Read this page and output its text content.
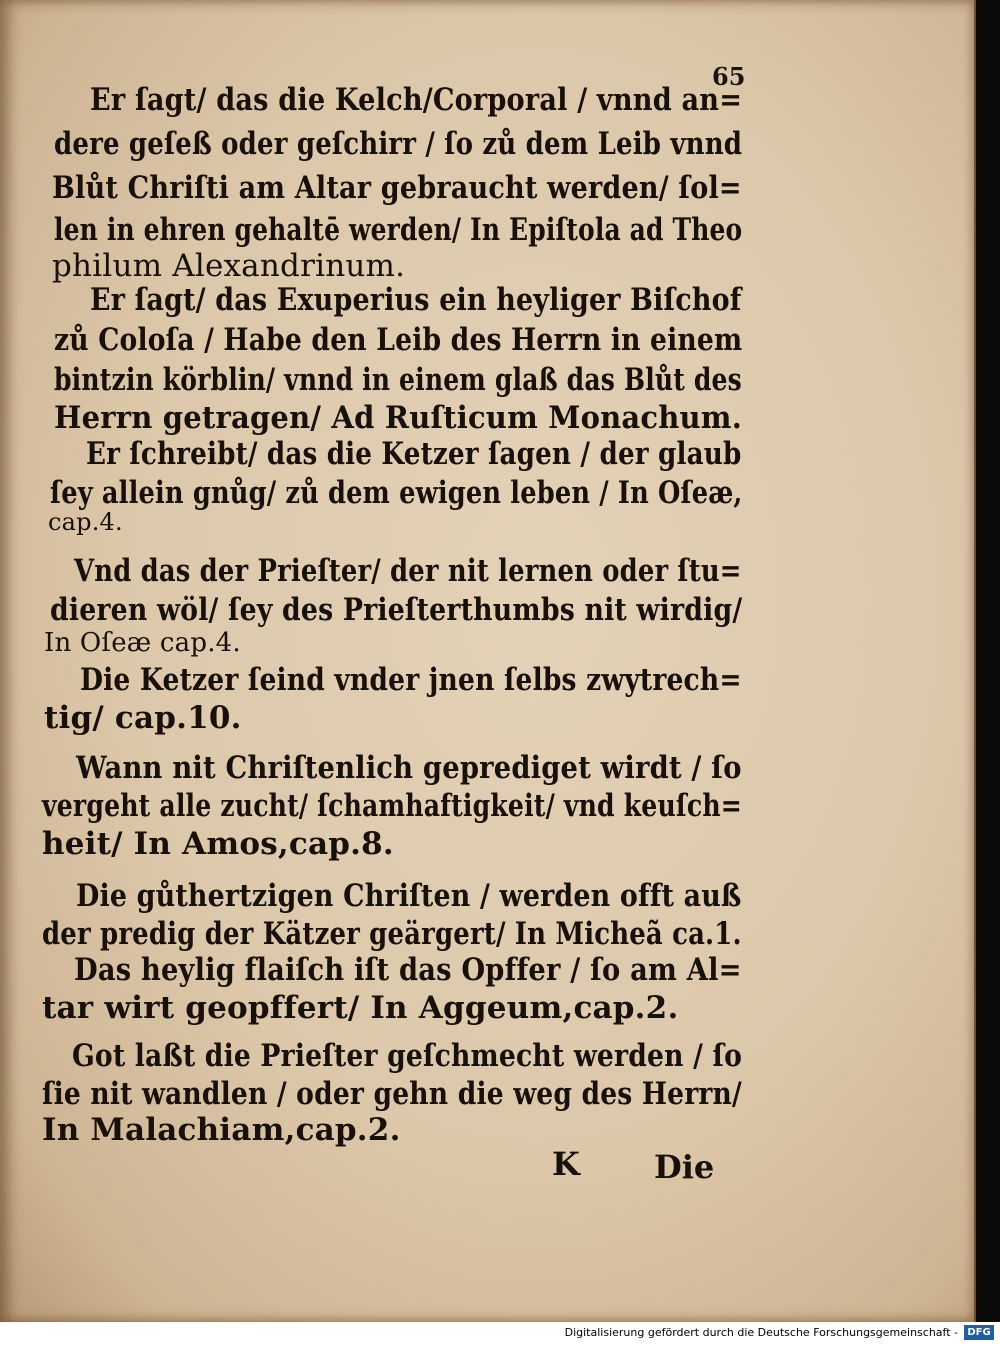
65
Er ſagt/ das die Kelch/Corporal / vnnd an=
dere geſeß oder geſchirr / ſo zů dem Leib vnnd
Blůt Chriſti am Altar gebraucht werden/ ſol=
len in ehren gehaltē werden/ In Epiſtola ad Theo
philum Alexandrinum.
Er ſagt/ das Exuperius ein heyliger Biſchof
zů Coloſa / Habe den Leib des Herrn in einem
bintzin körblin/ vnnd in einem glaß das Blůt des
Herrn getragen/ Ad Ruſticum Monachum.
Er ſchreibt/ das die Ketzer ſagen / der glaub
ſey allein gnůg/ zů dem ewigen leben / In Oſeæ,
cap.4.
Vnd das der Prieſter/ der nit lernen oder ſtu=
dieren wöl/ ſey des Prieſterthumbs nit wirdig/
In Oſeæ cap.4.
Die Ketzer ſeind vnder jnen ſelbs zwytrech=
tig/ cap.10.
Wann nit Chriſtenlich geprediget wirdt / ſo
vergeht alle zucht/ ſchamhaftigkeit/ vnd keuſch=
heit/ In Amos,cap.8.
Die gůthertzigen Chriſten / werden offt auß
der predig der Kätzer geärgert/ In Micheã ca.1.
Das heylig flaiſch iſt das Opffer / ſo am Al=
tar wirt geopffert/ In Aggeum,cap.2.
Got laßt die Prieſter geſchmecht werden / ſo
ſie nit wandlen / oder gehn die weg des Herrn/
In Malachiam,cap.2.
K Die
Digitalisierung gefördert durch die Deutsche Forschungsgemeinschaft - DFG
